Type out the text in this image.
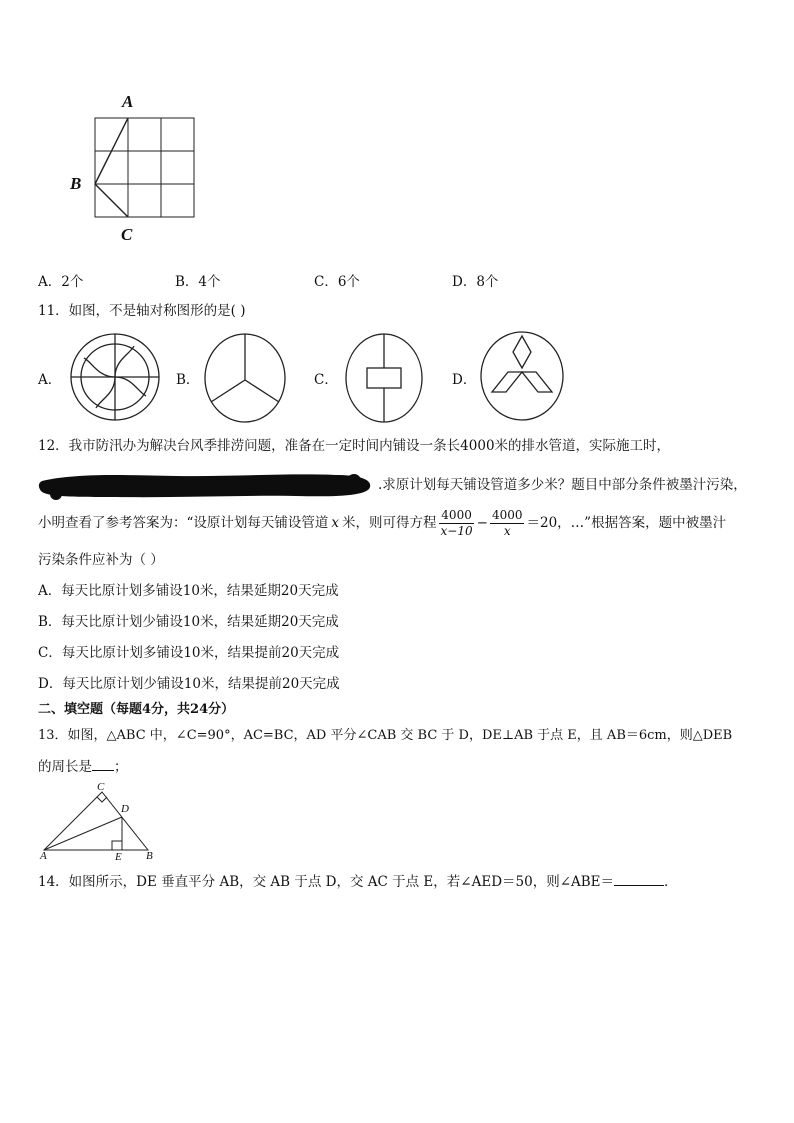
A
B
C
A．2个	B．4个	C．6个	D．8个
11．如图，不是轴对称图形的是( )
A．	B．	C．	D．
12．我市防汛办为解决台风季排涝问题，准备在一定时间内铺设一条长4000米的排水管道，实际施工时，
.求原计划每天铺设管道多少米？题目中部分条件被墨汁污染，
小明查看了参考答案为：“设原计划每天铺设管道 x 米，则可得方程 $\frac{4000}{x-10} - \frac{4000}{x} =20$，…”根据答案，题中被墨汁
污染条件应补为（ ）
A．每天比原计划多铺设10米，结果延期20天完成
B．每天比原计划少铺设10米，结果延期20天完成
C．每天比原计划多铺设10米，结果提前20天完成
D．每天比原计划少铺设10米，结果提前20天完成
二、填空题（每题4分，共24分）
13．如图，△ABC 中，∠C=90°，AC=BC，AD 平分∠CAB 交 BC 于 D，DE⊥AB 于点 E，且 AB＝6cm，则△DEB
的周长是 ；
C
D
A	E B
14．如图所示，DE 垂直平分 AB，交 AB 于点 D，交 AC 于点 E，若∠AED＝50，则∠ABE＝	．
